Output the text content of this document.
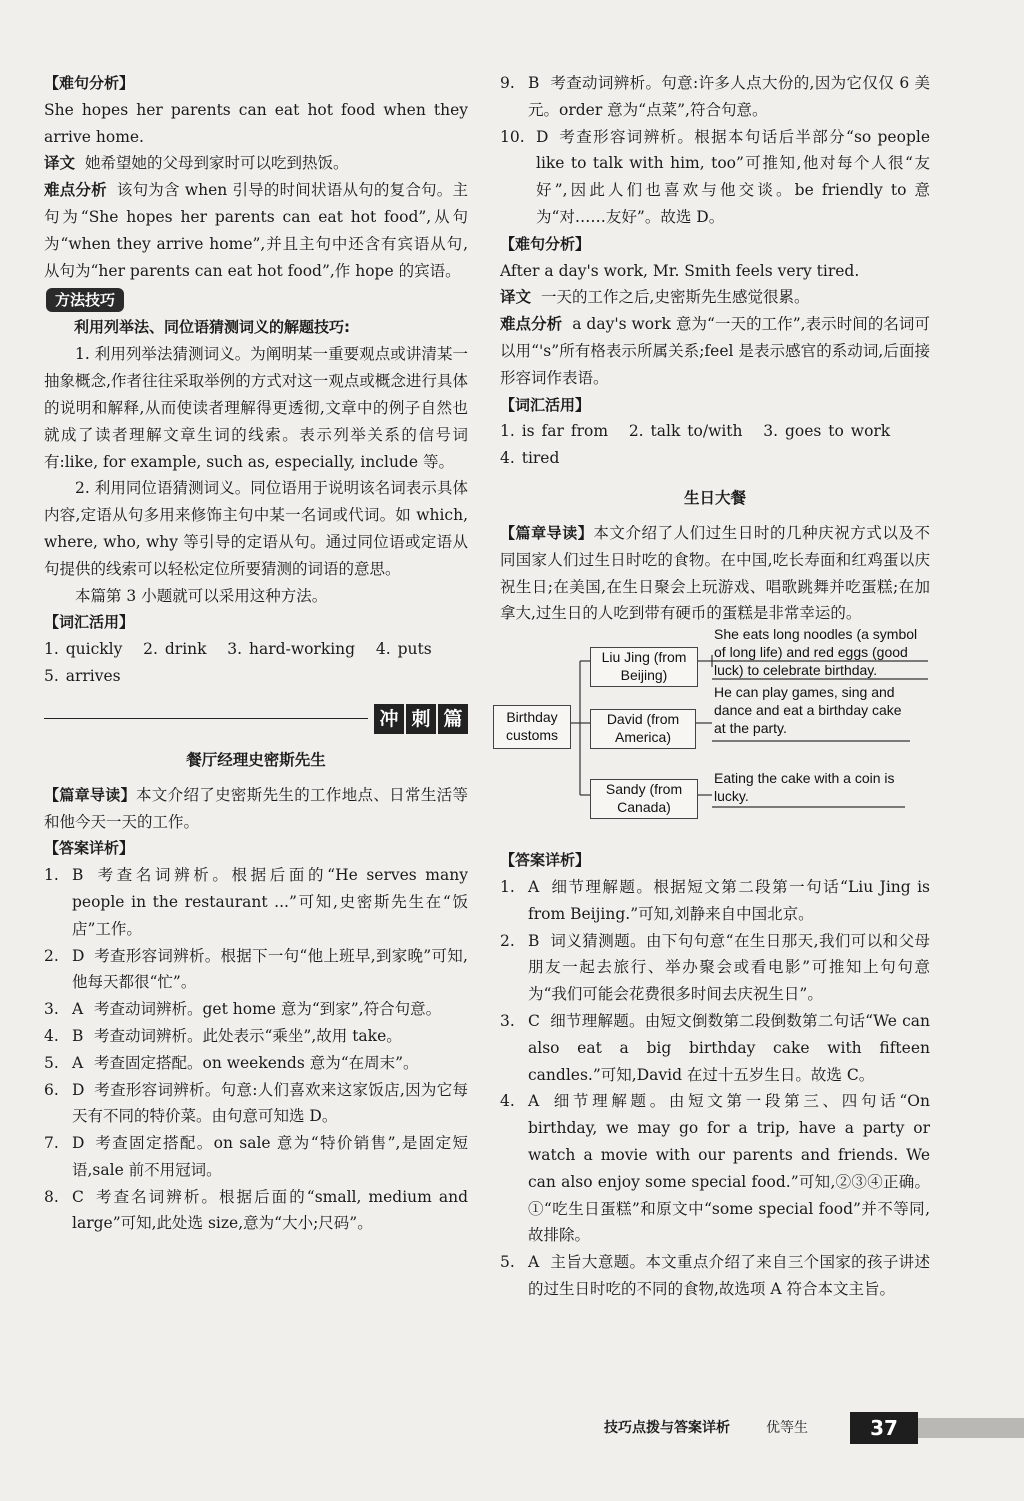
【难句分析】

She hopes her parents can eat hot food when they arrive home.

译文 她希望她的父母到家时可以吃到热饭。

难点分析 该句为含 when 引导的时间状语从句的复合句。主句为“She hopes her parents can eat hot food”,从句为“when they arrive home”,并且主句中还含有宾语从句,从句为“her parents can eat hot food”,作 hope 的宾语。

方法技巧

利用列举法、同位语猜测词义的解题技巧:

1. 利用列举法猜测词义。为阐明某一重要观点或讲清某一抽象概念,作者往往采取举例的方式对这一观点或概念进行具体的说明和解释,从而使读者理解得更透彻,文章中的例子自然也就成了读者理解文章生词的线索。表示列举关系的信号词有:like, for example, such as, especially, include 等。

2. 利用同位语猜测词义。同位语用于说明该名词表示具体内容,定语从句多用来修饰主句中某一名词或代词。如 which, where, who, why 等引导的定语从句。通过同位语或定语从句提供的线索可以轻松定位所要猜测的词语的意思。

本篇第 3 小题就可以采用这种方法。

【词汇活用】

1. quickly   2. drink   3. hard-working   4. puts

5. arrives

冲 刺 篇

餐厅经理史密斯先生

【篇章导读】本文介绍了史密斯先生的工作地点、日常生活等和他今天一天的工作。

【答案详析】

1. B 考查名词辨析。根据后面的“He serves many people in the restaurant ...”可知,史密斯先生在“饭店”工作。
2. D 考查形容词辨析。根据下一句“他上班早,到家晚”可知,他每天都很“忙”。
3. A 考查动词辨析。get home 意为“到家”,符合句意。
4. B 考查动词辨析。此处表示“乘坐”,故用 take。
5. A 考查固定搭配。on weekends 意为“在周末”。
6. D 考查形容词辨析。句意:人们喜欢来这家饭店,因为它每天有不同的特价菜。由句意可知选 D。
7. D 考查固定搭配。on sale 意为“特价销售”,是固定短语,sale 前不用冠词。
8. C 考查名词辨析。根据后面的“small, medium and large”可知,此处选 size,意为“大小;尺码”。
9. B 考查动词辨析。句意:许多人点大份的,因为它仅仅 6 美元。order 意为“点菜”,符合句意。
10. D 考查形容词辨析。根据本句话后半部分“so people like to talk with him, too”可推知,他对每个人很“友好”,因此人们也喜欢与他交谈。be friendly to 意为“对……友好”。故选 D。

【难句分析】

After a day's work, Mr. Smith feels very tired.

译文 一天的工作之后,史密斯先生感觉很累。

难点分析 a day's work 意为“一天的工作”,表示时间的名词可以用“'s”所有格表示所属关系;feel 是表示感官的系动词,后面接形容词作表语。

【词汇活用】

1. is far from   2. talk to/with   3. goes to work

4. tired

生日大餐

【篇章导读】本文介绍了人们过生日时的几种庆祝方式以及不同国家人们过生日时吃的食物。在中国,吃长寿面和红鸡蛋以庆祝生日;在美国,在生日聚会上玩游戏、唱歌跳舞并吃蛋糕;在加拿大,过生日的人吃到带有硬币的蛋糕是非常幸运的。

Birthday customs
Liu Jing (from Beijing)
David (from America)
Sandy (from Canada)
She eats long noodles (a symbol of long life) and red eggs (good luck) to celebrate birthday.
He can play games, sing and dance and eat a birthday cake at the party.
Eating the cake with a coin is lucky.

【答案详析】

1. A 细节理解题。根据短文第二段第一句话“Liu Jing is from Beijing.”可知,刘静来自中国北京。
2. B 词义猜测题。由下句句意“在生日那天,我们可以和父母朋友一起去旅行、举办聚会或看电影”可推知上句句意为“我们可能会花费很多时间去庆祝生日”。
3. C 细节理解题。由短文倒数第二段倒数第二句话“We can also eat a big birthday cake with fifteen candles.”可知,David 在过十五岁生日。故选 C。
4. A 细节理解题。由短文第一段第三、四句话“On birthday, we may go for a trip, have a party or watch a movie with our parents and friends. We can also enjoy some special food.”可知,②③④正确。①“吃生日蛋糕”和原文中“some special food”并不等同,故排除。
5. A 主旨大意题。本文重点介绍了来自三个国家的孩子讲述的过生日时吃的不同的食物,故选项 A 符合本文主旨。
技巧点拨与答案详析	优等生	37
